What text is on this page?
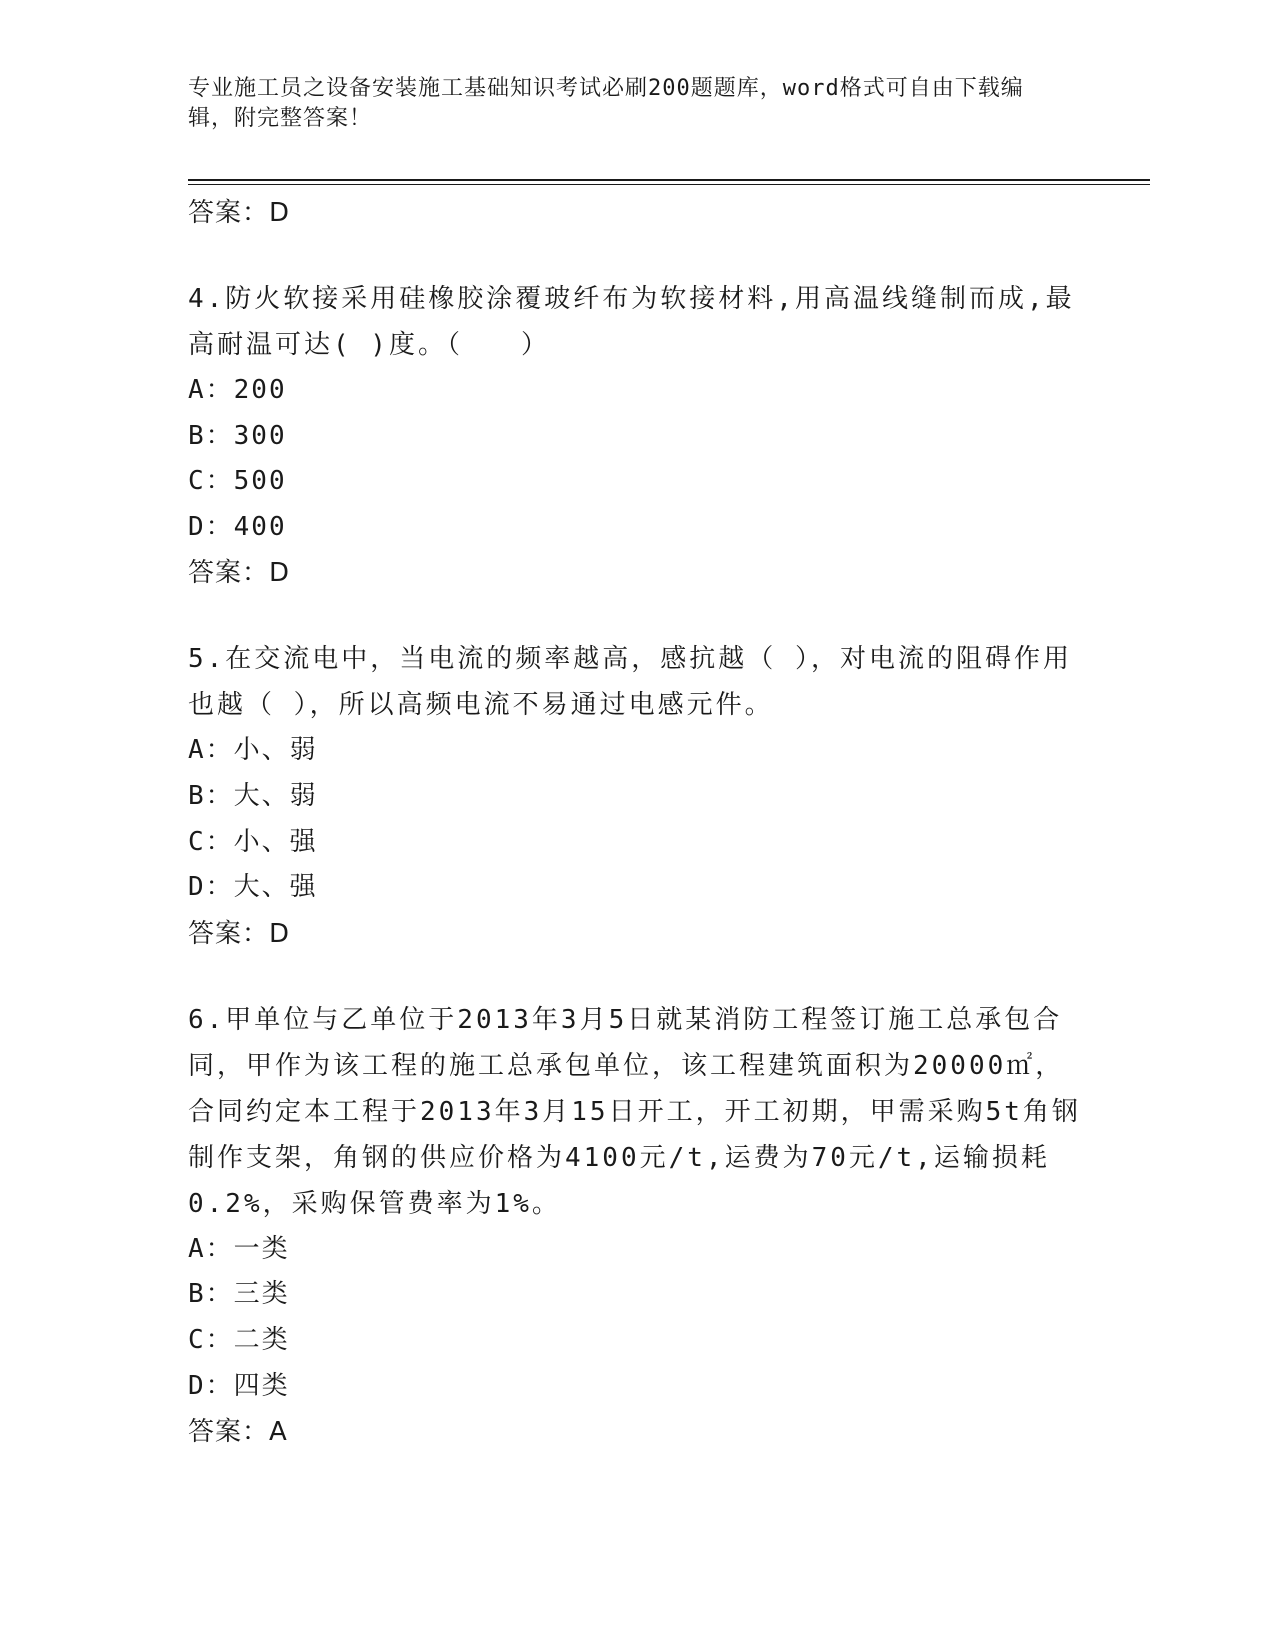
专业施工员之设备安装施工基础知识考试必刷200题题库，word格式可自由下载编辑，附完整答案！
答案：D
4.防火软接采用硅橡胶涂覆玻纤布为软接材料,用高温线缝制而成,最高耐温可达( )度。（　　）
A：200
B：300
C：500
D：400
答案：D
5.在交流电中，当电流的频率越高，感抗越（ ），对电流的阻碍作用也越（ ），所以高频电流不易通过电感元件。
A：小、弱
B：大、弱
C：小、强
D：大、强
答案：D
6.甲单位与乙单位于2013年3月5日就某消防工程签订施工总承包合同，甲作为该工程的施工总承包单位，该工程建筑面积为20000㎡，合同约定本工程于2013年3月15日开工，开工初期，甲需采购5t角钢制作支架，角钢的供应价格为4100元/t,运费为70元/t,运输损耗0.2%，采购保管费率为1%。
A：一类
B：三类
C：二类
D：四类
答案：A
